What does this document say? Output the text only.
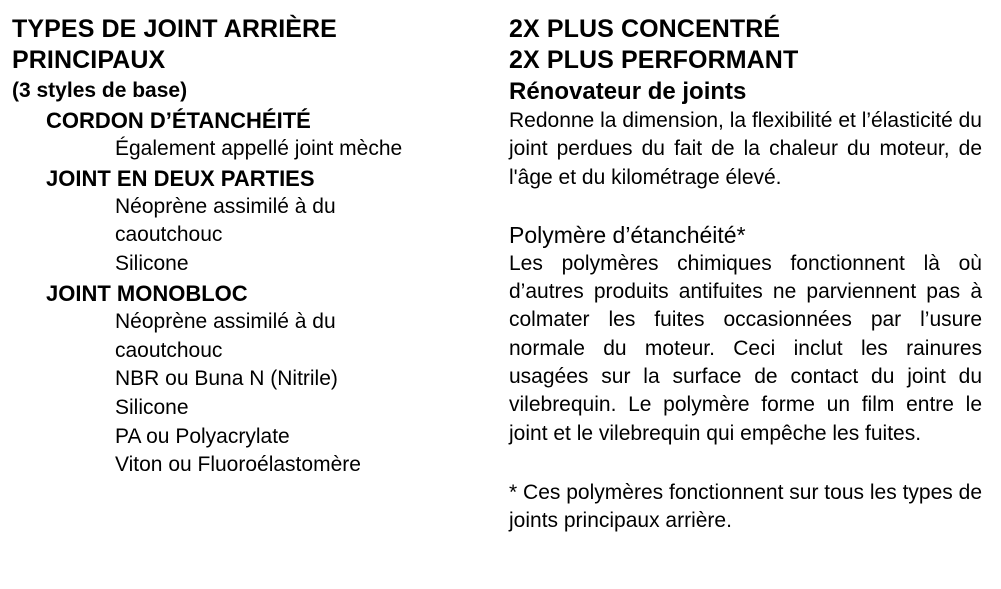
TYPES DE JOINT ARRIÈRE
PRINCIPAUX
(3 styles de base)
CORDON D’ÉTANCHÉITÉ
Également appellé joint mèche
JOINT EN DEUX PARTIES
Néoprène assimilé à du caoutchouc
Silicone
JOINT MONOBLOC
Néoprène assimilé à du caoutchouc
NBR ou Buna N (Nitrile)
Silicone
PA ou Polyacrylate
Viton ou Fluoroélastomère
2X PLUS CONCENTRÉ
2X PLUS PERFORMANT
Rénovateur de joints

Redonne la dimension, la flexibilité et l’élasticité du joint perdues du fait de la chaleur du moteur, de l'âge et du kilométrage élevé.

Polymère d’étanchéité*

Les polymères chimiques fonctionnent là où d’autres produits antifuites ne parviennent pas à colmater les fuites occasionnées par l’usure normale du moteur. Ceci inclut les rainures usagées sur la surface de contact du joint du vilebrequin. Le polymère forme un film entre le joint et le vilebrequin qui empêche les fuites.

* Ces polymères fonctionnent sur tous les types de joints principaux arrière.
